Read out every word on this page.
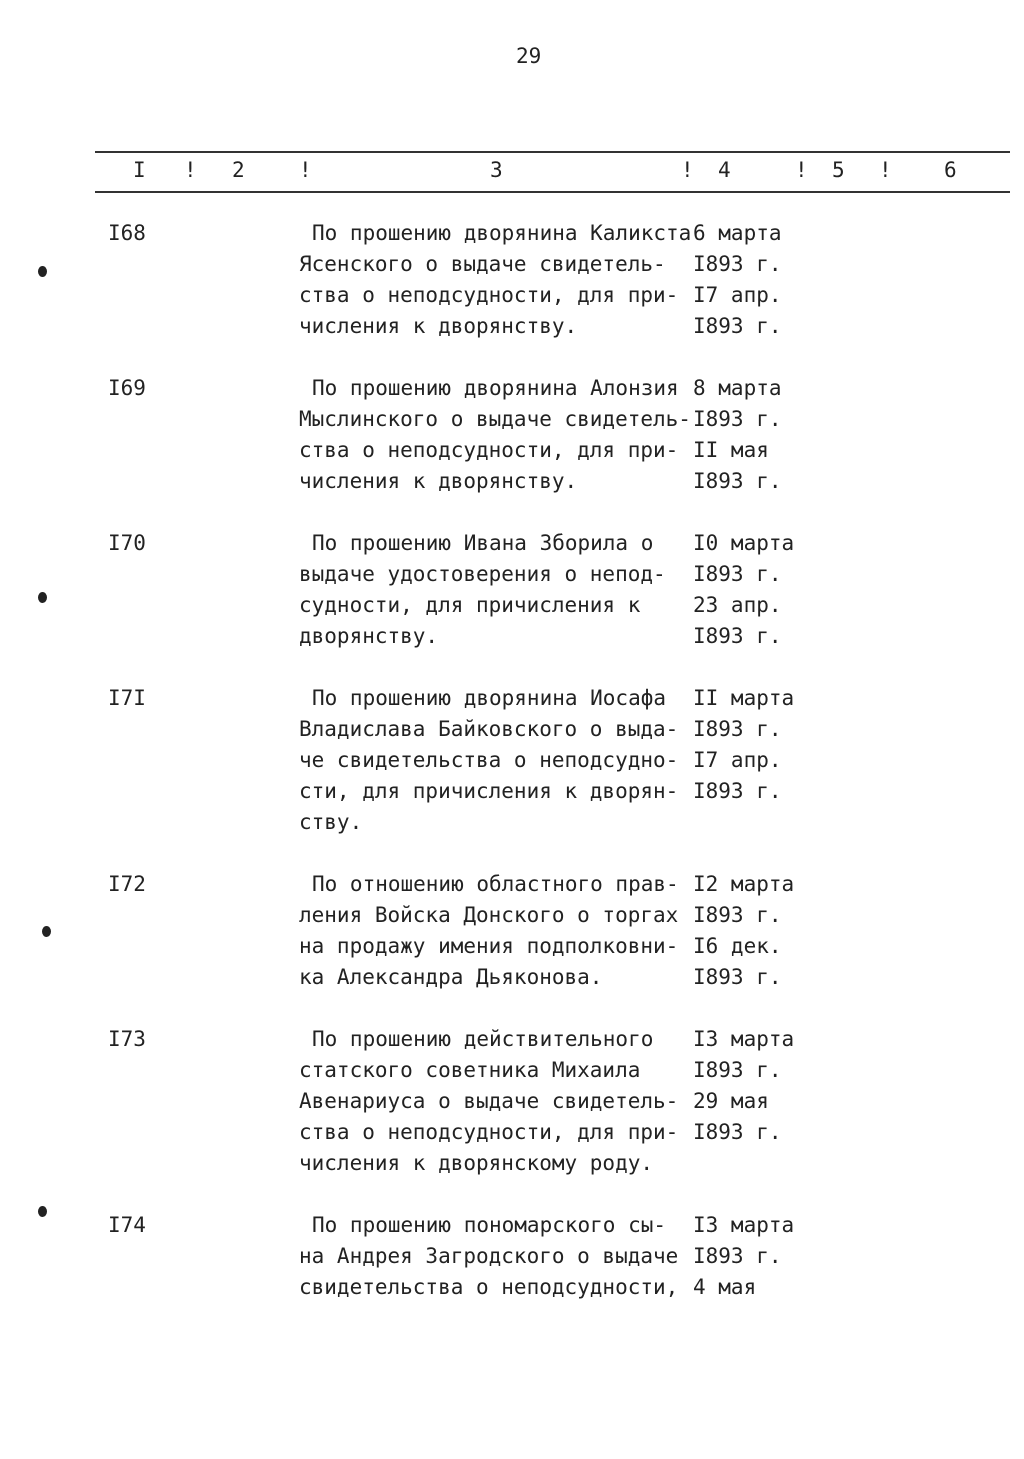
29
I ! 2	!	3	! 4	! 5 ! 6
I68	По прошению дворянина Каликста 6 марта
Ясенского о выдаче свидетель- I893 г.
ства о неподсудности, для при- I7 апр.
числения к дворянству.	I893 г.
I69	По прошению дворянина Алонзия 8 марта
Мыслинского о выдаче свидетель- I893 г.
ства о неподсудности, для при- II мая
числения к дворянству.	I893 г.
I70	По прошению Ивана Зборила о I0 марта
выдаче удостоверения о непод- I893 г.
судности, для причисления к	23 апр.
дворянству.	I893 г.
I7I	По прошению дворянина Иосафа II марта
Владислава Байковского о выда- I893 г.
че свидетельства о неподсудно- I7 апр.
сти, для причисления к дворян- I893 г.
ству.
I72	По отношению областного прав- I2 марта
ления Войска Донского о торгах I893 г.
на продажу имения подполковни- I6 дек.
ка Александра Дьяконова.	I893 г.
I73	По прошению действительного I3 марта
статского советника Михаила	I893 г.
Авенариуса о выдаче свидетель- 29 мая
ства о неподсудности, для при- I893 г.
числения к дворянскому роду.
I74	По прошению пономарского сы- I3 марта
на Андрея Загродского о выдаче I893 г.
свидетельства о неподсудности, 4 мая
